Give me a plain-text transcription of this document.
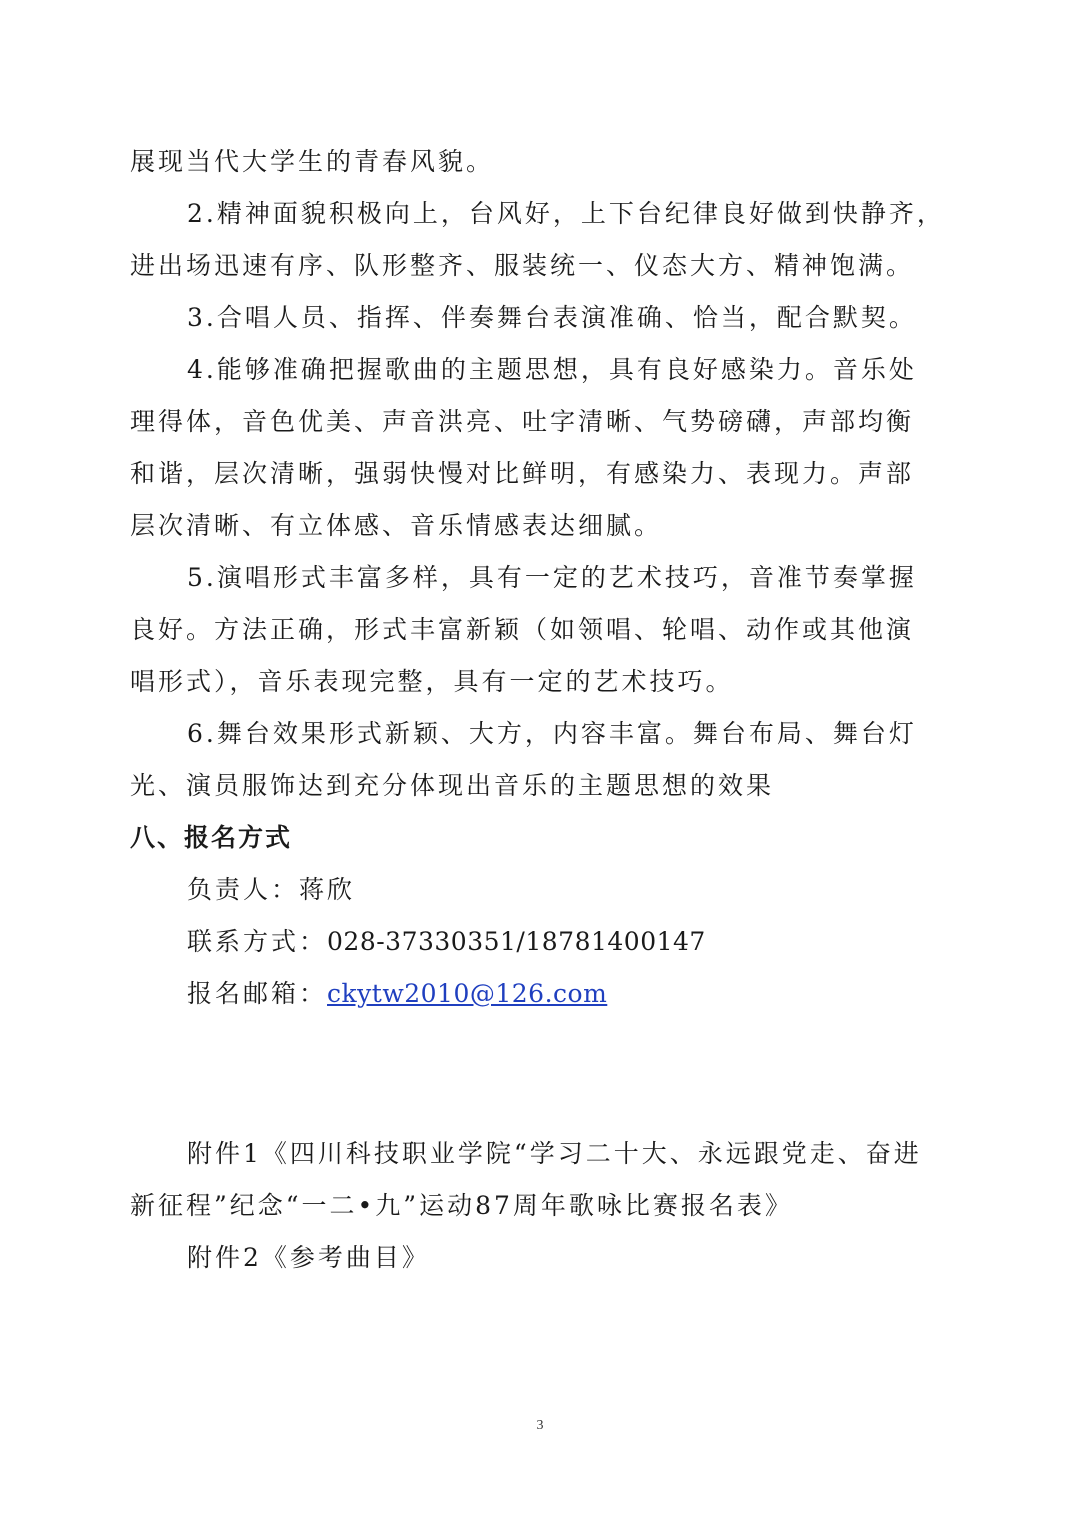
展现当代大学生的青春风貌。
2.精神面貌积极向上，台风好，上下台纪律良好做到快静齐，
进出场迅速有序、队形整齐、服装统一、仪态大方、精神饱满。
3.合唱人员、指挥、伴奏舞台表演准确、恰当，配合默契。
4.能够准确把握歌曲的主题思想，具有良好感染力。音乐处
理得体，音色优美、声音洪亮、吐字清晰、气势磅礴，声部均衡
和谐，层次清晰，强弱快慢对比鲜明，有感染力、表现力。声部
层次清晰、有立体感、音乐情感表达细腻。
5.演唱形式丰富多样，具有一定的艺术技巧，音准节奏掌握
良好。方法正确，形式丰富新颖（如领唱、轮唱、动作或其他演
唱形式），音乐表现完整，具有一定的艺术技巧。
6.舞台效果形式新颖、大方，内容丰富。舞台布局、舞台灯
光、演员服饰达到充分体现出音乐的主题思想的效果
八、报名方式
负责人：蒋欣
联系方式：028-37330351/18781400147
报名邮箱：ckytw2010@126.com
附件1《四川科技职业学院“学习二十大、永远跟党走、奋进
新征程”纪念“一二•九”运动87周年歌咏比赛报名表》
附件2《参考曲目》
3
